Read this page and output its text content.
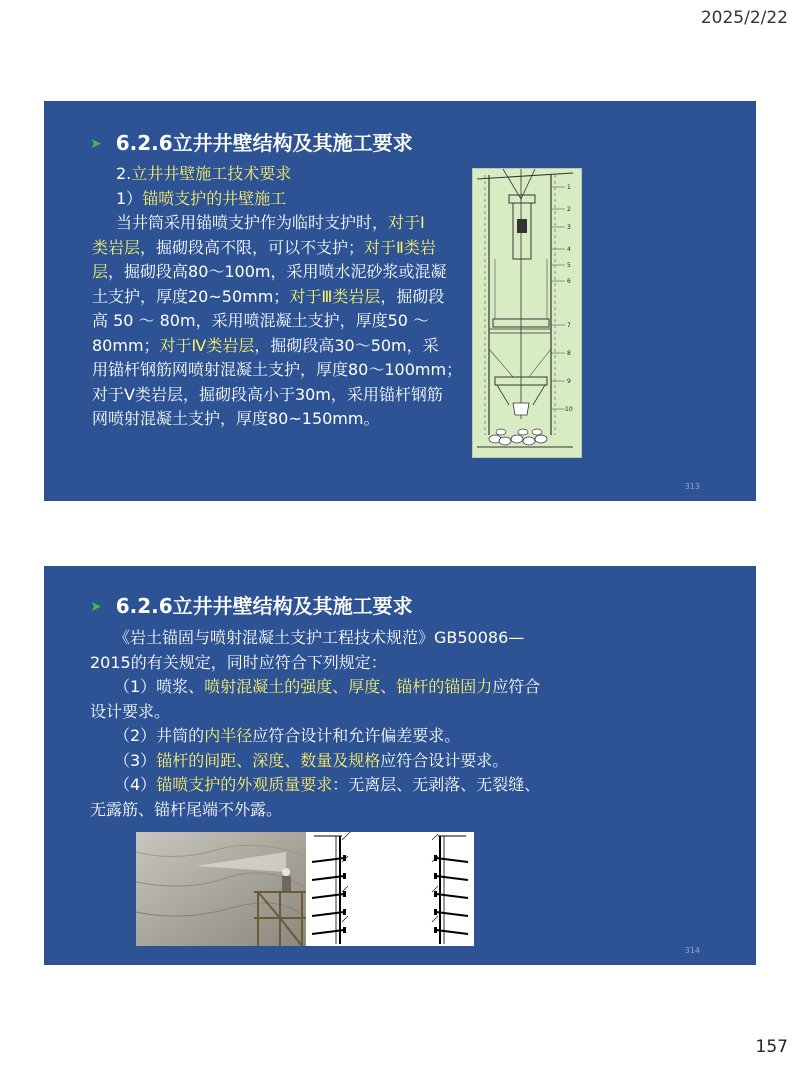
2025/2/22
➤ 6.2.6立井井壁结构及其施工要求
2.立井井壁施工技术要求
1）锚喷支护的井壁施工
当井筒采用锚喷支护作为临时支护时，对于Ⅰ
类岩层，掘砌段高不限，可以不支护；对于Ⅱ类岩
层，掘砌段高80～100m，采用喷水泥砂浆或混凝
土支护，厚度20~50mm；对于Ⅲ类岩层，掘砌段
高 50 ～ 80m，采用喷混凝土支护，厚度50 ～
80mm；对于Ⅳ类岩层，掘砌段高30～50m，采
用锚杆钢筋网喷射混凝土支护，厚度80～100mm；
对于V类岩层，掘砌段高小于30m，采用锚杆钢筋
网喷射混凝土支护，厚度80~150mm。
1
2
3
4
5
6
7
8
9
10
313
➤ 6.2.6立井井壁结构及其施工要求
《岩土锚固与喷射混凝土支护工程技术规范》GB50086—
2015的有关规定，同时应符合下列规定：
（1）喷浆、喷射混凝土的强度、厚度、锚杆的锚固力应符合
设计要求。
（2）井筒的内半径应符合设计和允许偏差要求。
（3）锚杆的间距、深度、数量及规格应符合设计要求。
（4）锚喷支护的外观质量要求：无离层、无剥落、无裂缝、
无露筋、锚杆尾端不外露。
314
157
